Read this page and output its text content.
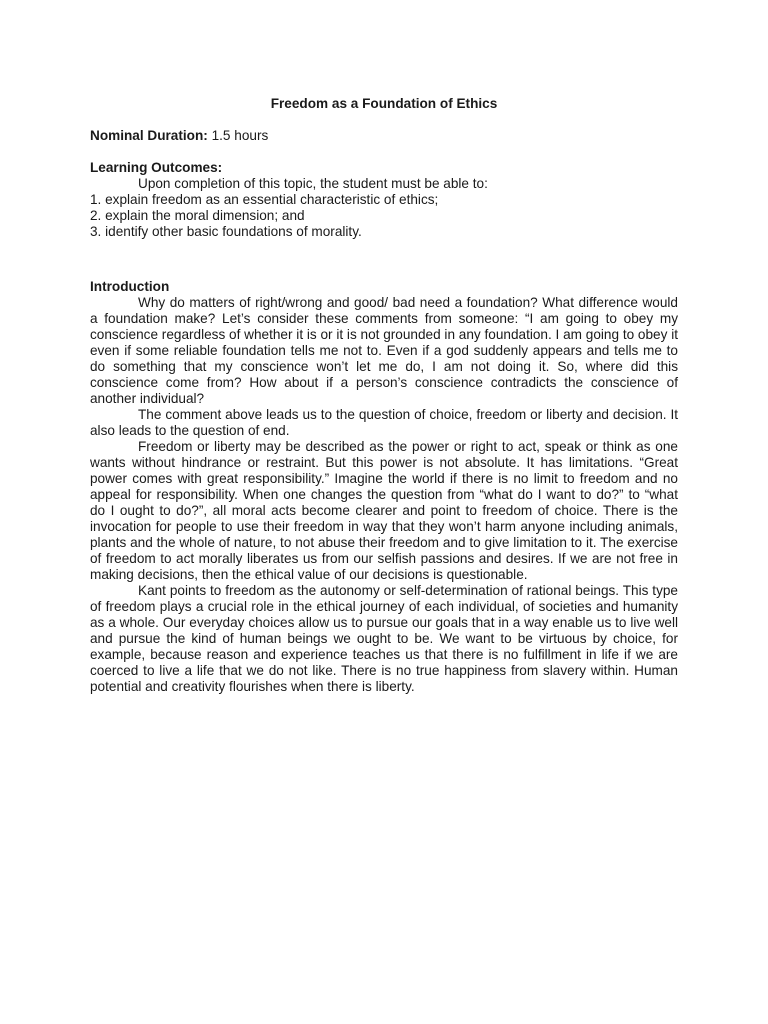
Freedom as a Foundation of Ethics

Nominal Duration: 1.5 hours
Learning Outcomes:

Upon completion of this topic, the student must be able to:

1. explain freedom as an essential characteristic of ethics;
2. explain the moral dimension; and
3. identify other basic foundations of morality.
Introduction

Why do matters of right/wrong and good/ bad need a foundation? What difference would a foundation make? Let’s consider these comments from someone: “I am going to obey my conscience regardless of whether it is or it is not grounded in any foundation. I am going to obey it even if some reliable foundation tells me not to. Even if a god suddenly appears and tells me to do something that my conscience won’t let me do, I am not doing it. So, where did this conscience come from? How about if a person’s conscience contradicts the conscience of another individual?

The comment above leads us to the question of choice, freedom or liberty and decision. It also leads to the question of end.

Freedom or liberty may be described as the power or right to act, speak or think as one wants without hindrance or restraint. But this power is not absolute. It has limitations. “Great power comes with great responsibility.” Imagine the world if there is no limit to freedom and no appeal for responsibility. When one changes the question from “what do I want to do?” to “what do I ought to do?”, all moral acts become clearer and point to freedom of choice. There is the invocation for people to use their freedom in way that they won’t harm anyone including animals, plants and the whole of nature, to not abuse their freedom and to give limitation to it. The exercise of freedom to act morally liberates us from our selfish passions and desires. If we are not free in making decisions, then the ethical value of our decisions is questionable.

Kant points to freedom as the autonomy or self-determination of rational beings. This type of freedom plays a crucial role in the ethical journey of each individual, of societies and humanity as a whole. Our everyday choices allow us to pursue our goals that in a way enable us to live well and pursue the kind of human beings we ought to be. We want to be virtuous by choice, for example, because reason and experience teaches us that there is no fulfillment in life if we are coerced to live a life that we do not like. There is no true happiness from slavery within. Human potential and creativity flourishes when there is liberty.
